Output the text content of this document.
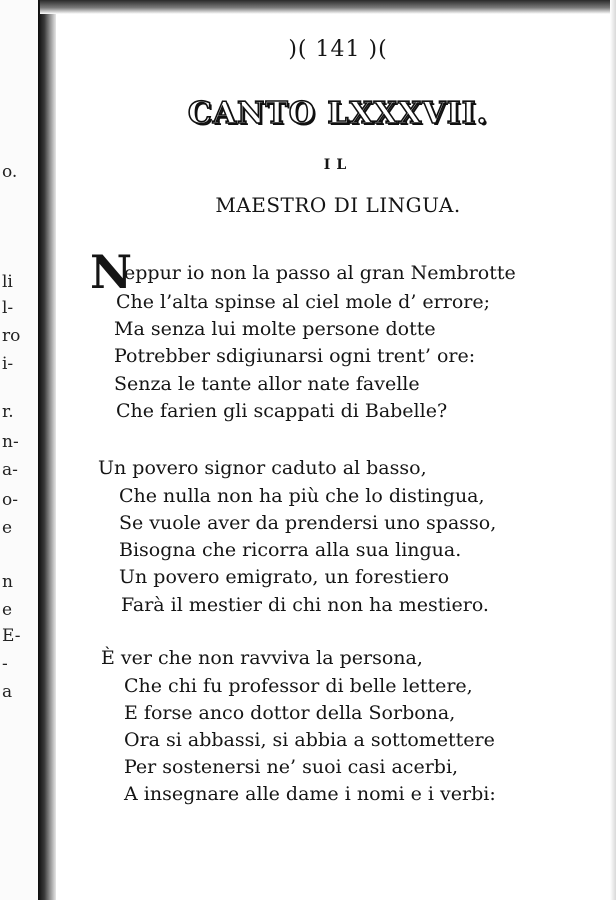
o.
li
l-
ro
i-
r.
n-
a-
o-
e
n
e
E-
-
a
)( 141 )(
CANTO LXXXVII.
IL
MAESTRO DI LINGUA.
N
eppur io non la passo al gran Nembrotte
Che l’alta spinse al ciel mole d’ errore;
Ma senza lui molte persone dotte
Potrebber sdigiunarsi ogni trent’ ore:
Senza le tante allor nate favelle
Che farien gli scappati di Babelle?
Un povero signor caduto al basso,
Che nulla non ha più che lo distingua,
Se vuole aver da prendersi uno spasso,
Bisogna che ricorra alla sua lingua.
Un povero emigrato, un forestiero
Farà il mestier di chi non ha mestiero.
È ver che non ravviva la persona,
Che chi fu professor di belle lettere,
E forse anco dottor della Sorbona,
Ora si abbassi, si abbia a sottomettere
Per sostenersi ne’ suoi casi acerbi,
A insegnare alle dame i nomi e i verbi:
